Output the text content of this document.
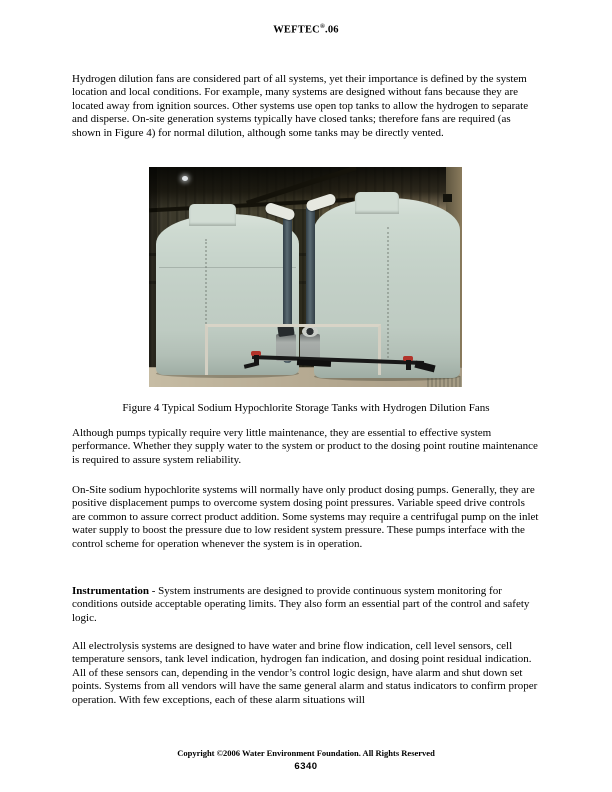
WEFTEC®.06

Hydrogen dilution fans are considered part of all systems, yet their importance is defined by the system location and local conditions. For example, many systems are designed without fans because they are located away from ignition sources. Other systems use open top tanks to allow the hydrogen to separate and disperse. On-site generation systems typically have closed tanks; therefore fans are required (as shown in Figure 4) for normal dilution, although some tanks may be directly vented.

Figure 4 Typical Sodium Hypochlorite Storage Tanks with Hydrogen Dilution Fans

Although pumps typically require very little maintenance, they are essential to effective system performance. Whether they supply water to the system or product to the dosing point routine maintenance is required to assure system reliability.

On-Site sodium hypochlorite systems will normally have only product dosing pumps. Generally, they are positive displacement pumps to overcome system dosing point pressures. Variable speed drive controls are common to assure correct product addition. Some systems may require a centrifugal pump on the inlet water supply to boost the pressure due to low resident system pressure. These pumps interface with the control scheme for operation whenever the system is in operation.

Instrumentation - System instruments are designed to provide continuous system monitoring for conditions outside acceptable operating limits. They also form an essential part of the control and safety logic.

All electrolysis systems are designed to have water and brine flow indication, cell level sensors, cell temperature sensors, tank level indication, hydrogen fan indication, and dosing point residual indication. All of these sensors can, depending in the vendor’s control logic design, have alarm and shut down set points. Systems from all vendors will have the same general alarm and status indicators to confirm proper operation. With few exceptions, each of these alarm situations will

Copyright ©2006 Water Environment Foundation. All Rights Reserved
6340
